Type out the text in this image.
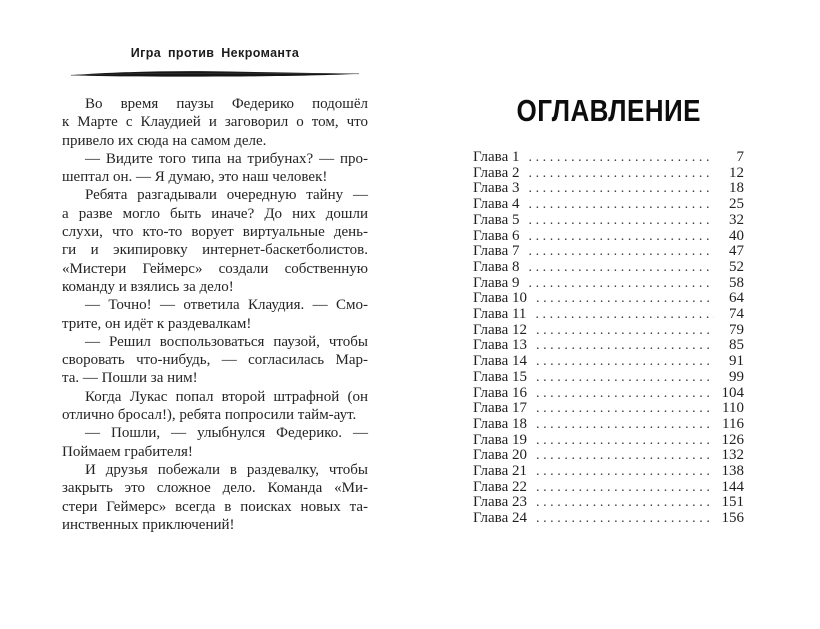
Игра против Некроманта
Во время паузы Федерико подошёл
к Марте с Клаудией и заговорил о том, что
привело их сюда на самом деле.
— Видите того типа на трибунах? — про-
шептал он. — Я думаю, это наш человек!
Ребята разгадывали очередную тайну —
а разве могло быть иначе? До них дошли
слухи, что кто-то ворует виртуальные день-
ги и экипировку интернет-баскетболистов.
«Мистери Геймерс» создали собственную
команду и взялись за дело!
— Точно! — ответила Клаудия. — Смо-
трите, он идёт к раздевалкам!
— Решил воспользоваться паузой, чтобы
своровать что-нибудь, — согласилась Мар-
та. — Пошли за ним!
Когда Лукас попал второй штрафной (он
отлично бросал!), ребята попросили тайм-аут.
— Пошли, — улыбнулся Федерико. —
Поймаем грабителя!
И друзья побежали в раздевалку, чтобы
закрыть это сложное дело. Команда «Ми-
стери Геймерс» всегда в поисках новых та-
инственных приключений!
ОГЛАВЛЕНИЕ
Глава 1 .....	7
Глава 2 .....	12
Глава 3 .....	18
Глава 4 .....	25
Глава 5 .....	32
Глава 6 .....	40
Глава 7 .....	47
Глава 8 .....	52
Глава 9 .....	58
Глава 10 .....	64
Глава 11 .....	74
Глава 12 .....	79
Глава 13 .....	85
Глава 14 .....	91
Глава 15 .....	99
Глава 16 .....	104
Глава 17 .....	110
Глава 18 .....	116
Глава 19 .....	126
Глава 20 .....	132
Глава 21 .....	138
Глава 22 .....	144
Глава 23 .....	151
Глава 24 .....	156
